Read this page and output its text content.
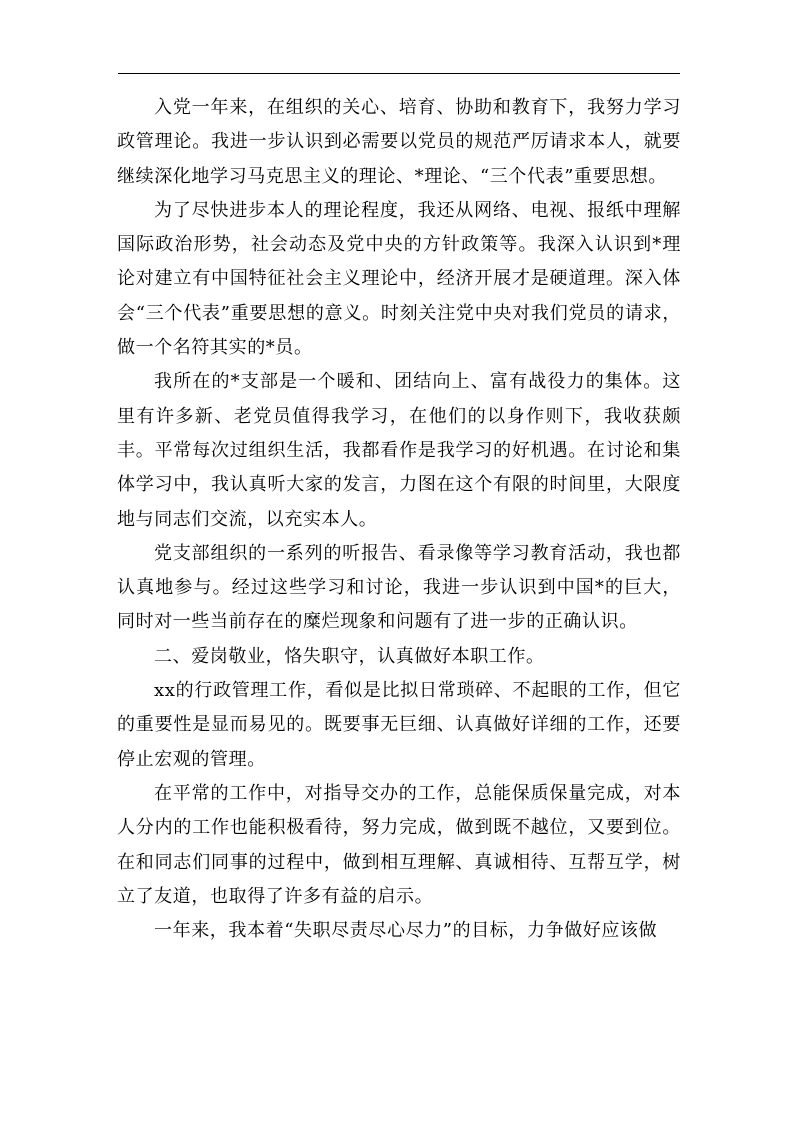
入党一年来，在组织的关心、培育、协助和教育下，我努力学习政管理论。我进一步认识到必需要以党员的规范严厉请求本人，就要继续深化地学习马克思主义的理论、*理论、“三个代表”重要思想。

为了尽快进步本人的理论程度，我还从网络、电视、报纸中理解国际政治形势，社会动态及党中央的方针政策等。我深入认识到*理论对建立有中国特征社会主义理论中，经济开展才是硬道理。深入体会“三个代表”重要思想的意义。时刻关注党中央对我们党员的请求，做一个名符其实的*员。

我所在的*支部是一个暖和、团结向上、富有战役力的集体。这里有许多新、老党员值得我学习，在他们的以身作则下，我收获颇丰。平常每次过组织生活，我都看作是我学习的好机遇。在讨论和集体学习中，我认真听大家的发言，力图在这个有限的时间里，大限度地与同志们交流，以充实本人。

党支部组织的一系列的听报告、看录像等学习教育活动，我也都认真地参与。经过这些学习和讨论，我进一步认识到中国*的巨大，同时对一些当前存在的糜烂现象和问题有了进一步的正确认识。

二、爱岗敬业，恪失职守，认真做好本职工作。

xx的行政管理工作，看似是比拟日常琐碎、不起眼的工作，但它的重要性是显而易见的。既要事无巨细、认真做好详细的工作，还要停止宏观的管理。

在平常的工作中，对指导交办的工作，总能保质保量完成，对本人分内的工作也能积极看待，努力完成，做到既不越位，又要到位。在和同志们同事的过程中，做到相互理解、真诚相待、互帮互学，树立了友道，也取得了许多有益的启示。

一年来，我本着“失职尽责尽心尽力”的目标，力争做好应该做
